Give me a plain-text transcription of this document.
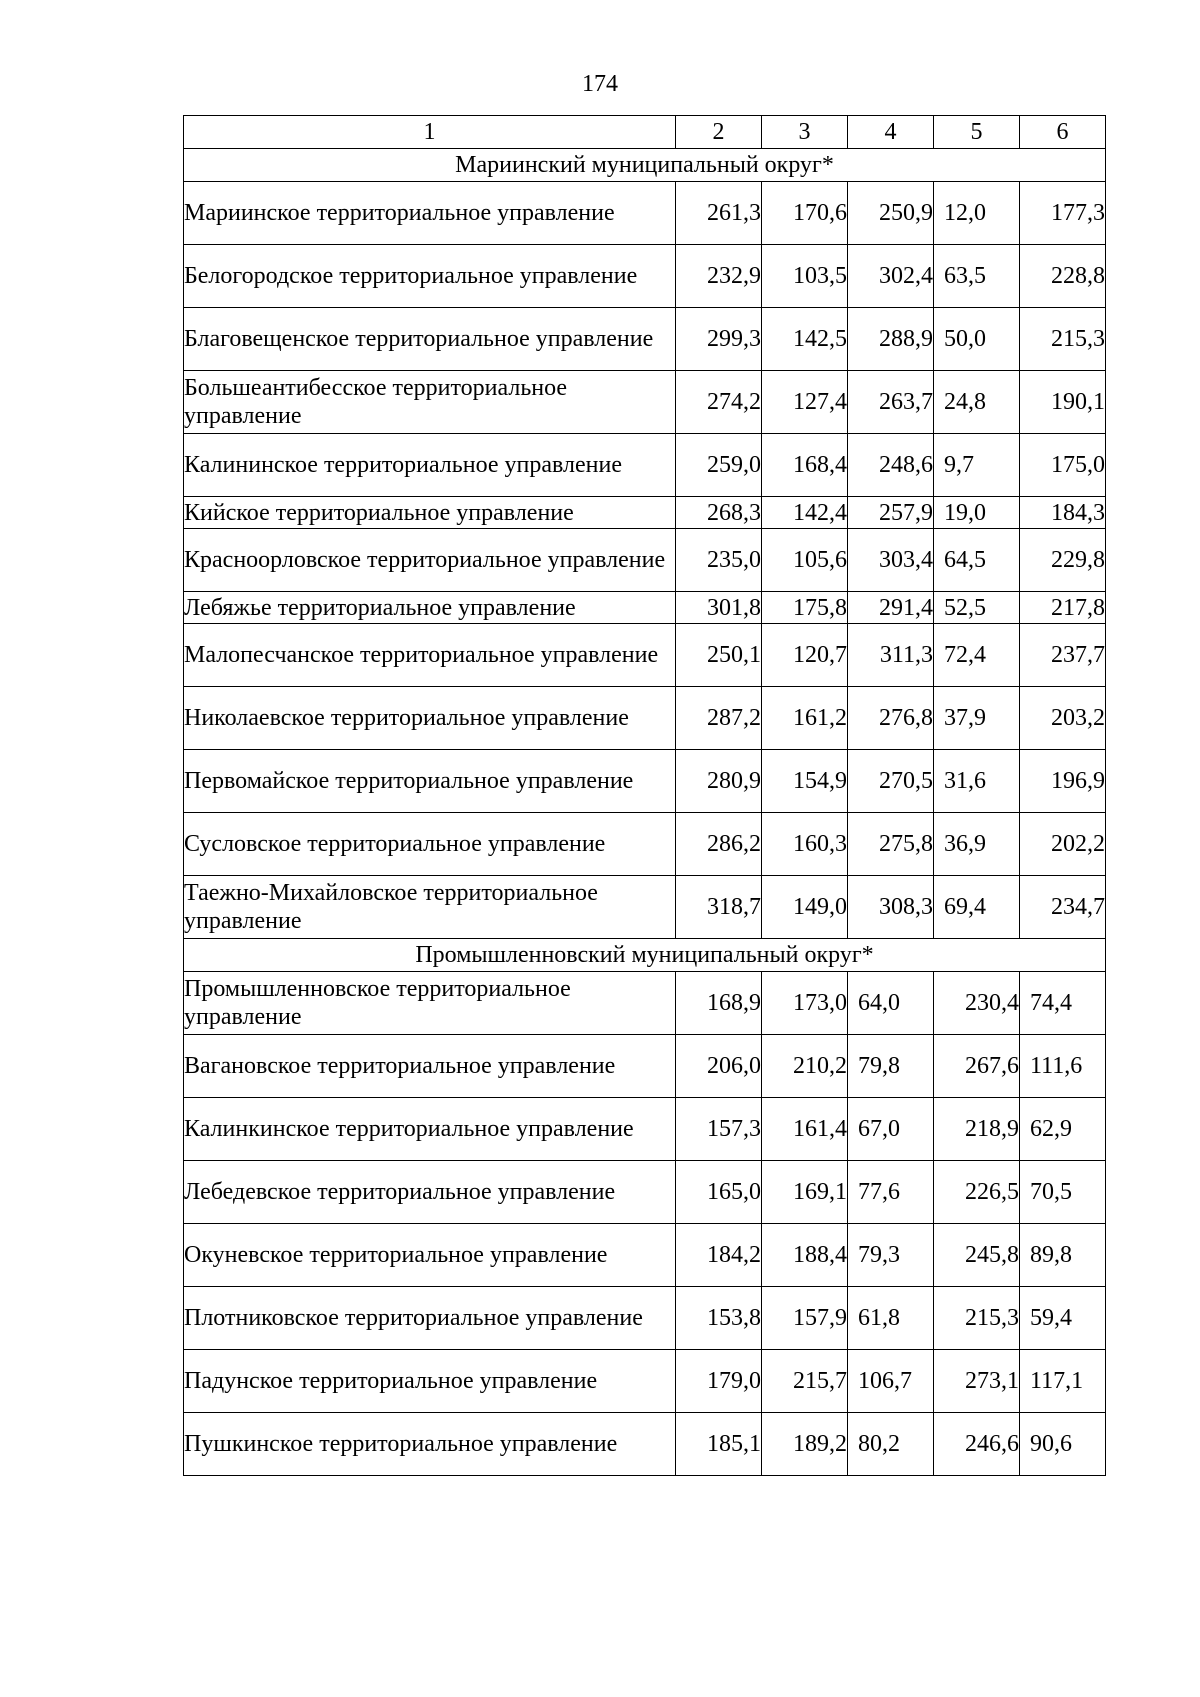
174
1	2	3	4	5	6
Мариинский муниципальный округ*					
Мариинское территориальное управление	261,3	170,6	250,9	12,0	177,3
Белогородское территориальное управление	232,9	103,5	302,4	63,5	228,8
Благовещенское территориальное управление	299,3	142,5	288,9	50,0	215,3
Большеантибесское территориальное управление	274,2	127,4	263,7	24,8	190,1
Калининское территориальное управление	259,0	168,4	248,6	9,7	175,0
Кийское территориальное управление	268,3	142,4	257,9	19,0	184,3
Красноорловское территориальное управление	235,0	105,6	303,4	64,5	229,8
Лебяжье территориальное управление	301,8	175,8	291,4	52,5	217,8
Малопесчанское территориальное управление	250,1	120,7	311,3	72,4	237,7
Николаевское территориальное управление	287,2	161,2	276,8	37,9	203,2
Первомайское территориальное управление	280,9	154,9	270,5	31,6	196,9
Сусловское территориальное управление	286,2	160,3	275,8	36,9	202,2
Таежно-Михайловское территориальное управление	318,7	149,0	308,3	69,4	234,7
Промышленновский муниципальный округ*					
Промышленновское территориальное управление	168,9	173,0	64,0	230,4	74,4
Вагановское территориальное управление	206,0	210,2	79,8	267,6	111,6
Калинкинское территориальное управление	157,3	161,4	67,0	218,9	62,9
Лебедевское территориальное управление	165,0	169,1	77,6	226,5	70,5
Окуневское территориальное управление	184,2	188,4	79,3	245,8	89,8
Плотниковское территориальное управление	153,8	157,9	61,8	215,3	59,4
Падунское территориальное управление	179,0	215,7	106,7	273,1	117,1
Пушкинское территориальное управление	185,1	189,2	80,2	246,6	90,6
